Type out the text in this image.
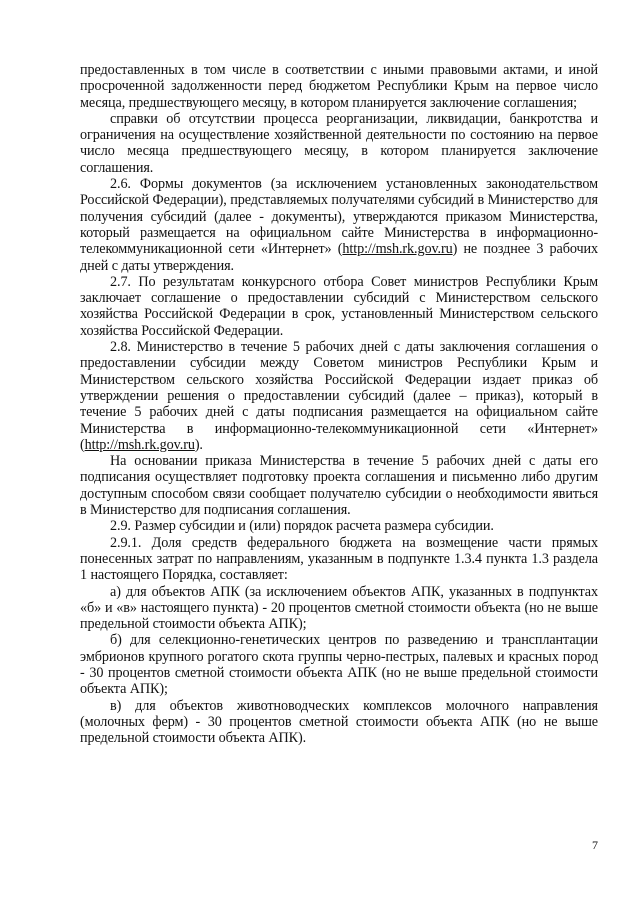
предоставленных в том числе в соответствии с иными правовыми актами, и иной просроченной задолженности перед бюджетом Республики Крым на первое число месяца, предшествующего месяцу, в котором планируется заключение соглашения;

справки об отсутствии процесса реорганизации, ликвидации, банкротства и ограничения на осуществление хозяйственной деятельности по состоянию на первое число месяца предшествующего месяцу, в котором планируется заключение соглашения.

2.6. Формы документов (за исключением установленных законодательством Российской Федерации), представляемых получателями субсидий в Министерство для получения субсидий (далее - документы), утверждаются приказом Министерства, который размещается на официальном сайте Министерства в информационно-телекоммуникационной сети «Интернет» (http://msh.rk.gov.ru) не позднее 3 рабочих дней с даты утверждения.

2.7. По результатам конкурсного отбора Совет министров Республики Крым заключает соглашение о предоставлении субсидий с Министерством сельского хозяйства Российской Федерации в срок, установленный Министерством сельского хозяйства Российской Федерации.

2.8. Министерство в течение 5 рабочих дней с даты заключения соглашения о предоставлении субсидии между Советом министров Республики Крым и Министерством сельского хозяйства Российской Федерации издает приказ об утверждении решения о предоставлении субсидий (далее – приказ), который в течение 5 рабочих дней с даты подписания размещается на официальном сайте Министерства в информационно-телекоммуникационной сети «Интернет» (http://msh.rk.gov.ru).

На основании приказа Министерства в течение 5 рабочих дней с даты его подписания осуществляет подготовку проекта соглашения и письменно либо другим доступным способом связи сообщает получателю субсидии о необходимости явиться в Министерство для подписания соглашения.

2.9. Размер субсидии и (или) порядок расчета размера субсидии.

2.9.1. Доля средств федерального бюджета на возмещение части прямых понесенных затрат по направлениям, указанным в подпункте 1.3.4 пункта 1.3 раздела 1 настоящего Порядка, составляет:

а) для объектов АПК (за исключением объектов АПК, указанных в подпунктах «б» и «в» настоящего пункта) - 20 процентов сметной стоимости объекта (но не выше предельной стоимости объекта АПК);

б) для селекционно-генетических центров по разведению и трансплантации эмбрионов крупного рогатого скота группы черно-пестрых, палевых и красных пород - 30 процентов сметной стоимости объекта АПК (но не выше предельной стоимости объекта АПК);

в) для объектов животноводческих комплексов молочного направления (молочных ферм) - 30 процентов сметной стоимости объекта АПК (но не выше предельной стоимости объекта АПК).

7
